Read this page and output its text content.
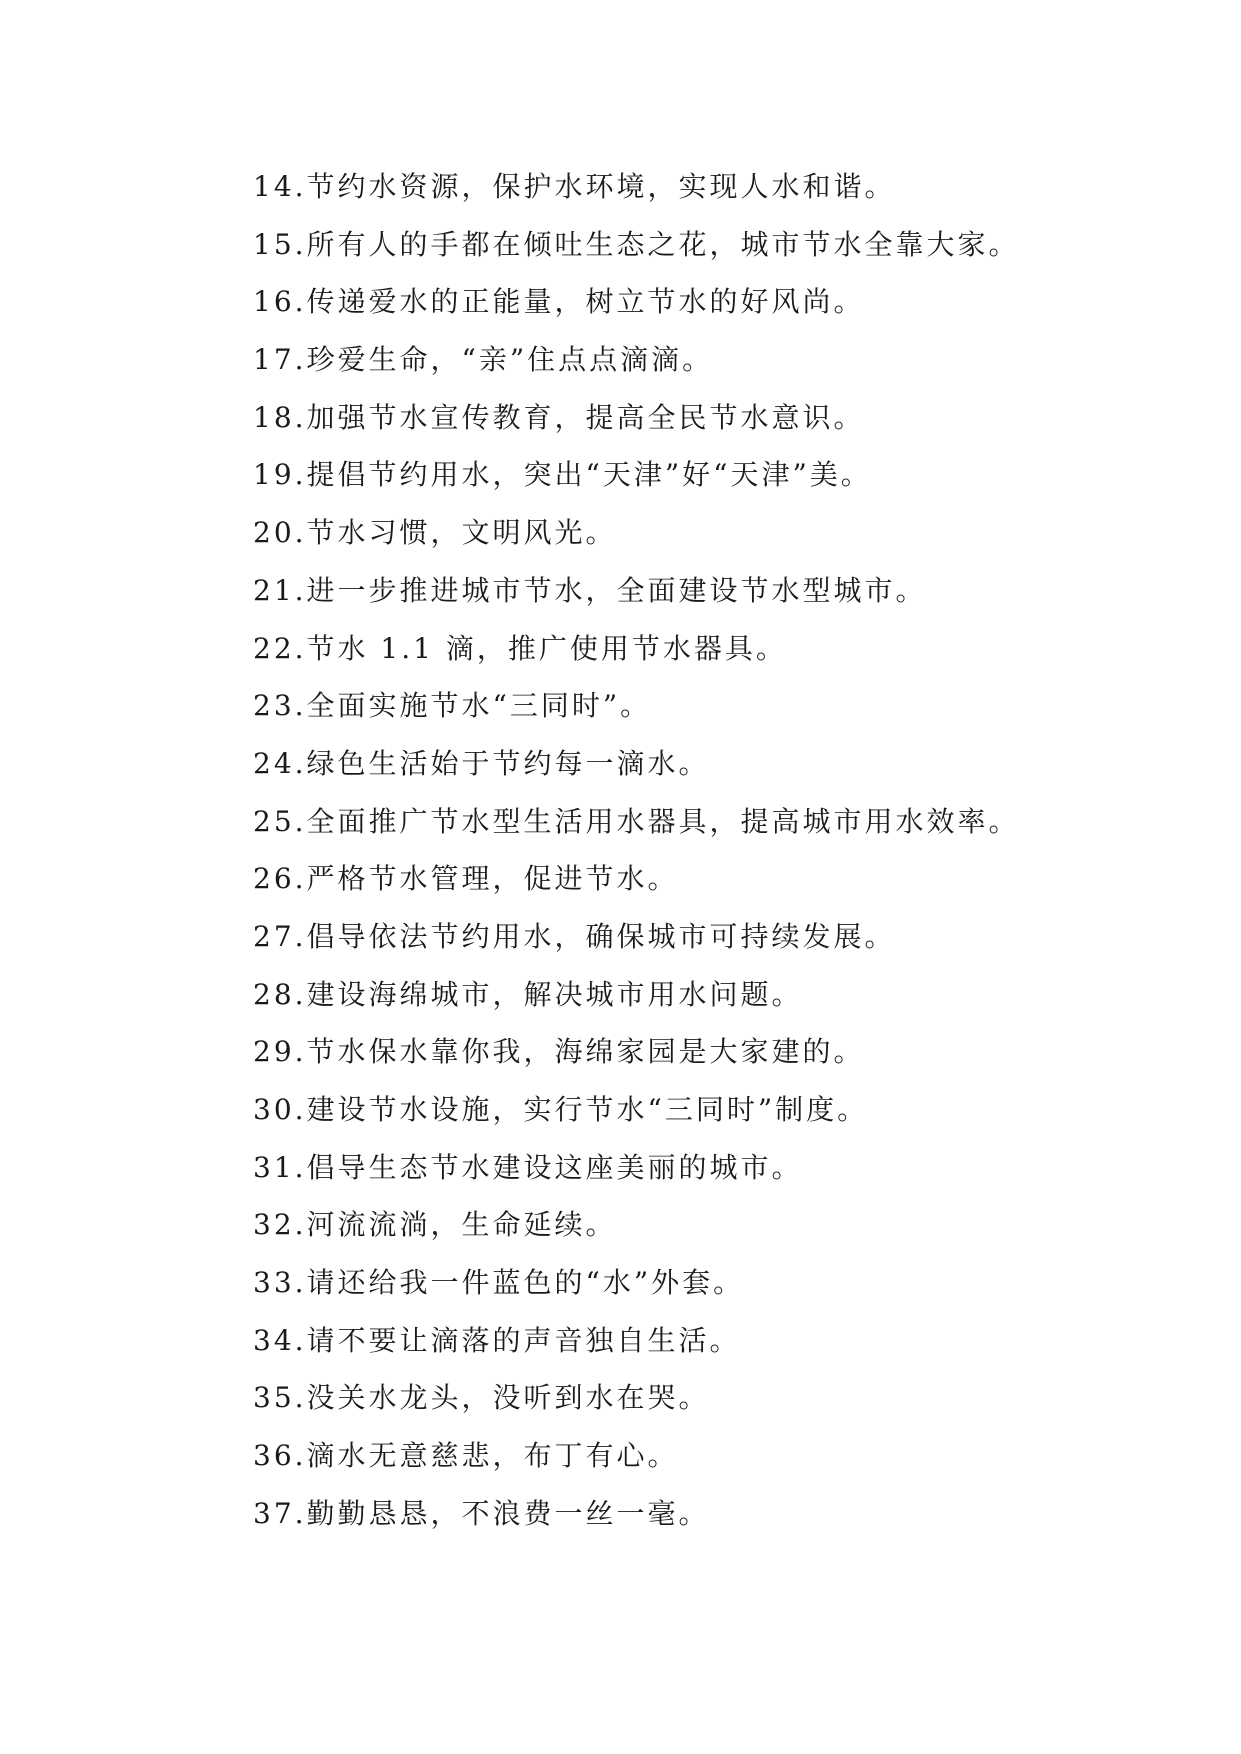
14.节约水资源，保护水环境，实现人水和谐。
15.所有人的手都在倾吐生态之花，城市节水全靠大家。
16.传递爱水的正能量，树立节水的好风尚。
17.珍爱生命，“亲”住点点滴滴。
18.加强节水宣传教育，提高全民节水意识。
19.提倡节约用水，突出“天津”好“天津”美。
20.节水习惯，文明风光。
21.进一步推进城市节水，全面建设节水型城市。
22.节水 1.1 滴，推广使用节水器具。
23.全面实施节水“三同时”。
24.绿色生活始于节约每一滴水。
25.全面推广节水型生活用水器具，提高城市用水效率。
26.严格节水管理，促进节水。
27.倡导依法节约用水，确保城市可持续发展。
28.建设海绵城市，解决城市用水问题。
29.节水保水靠你我，海绵家园是大家建的。
30.建设节水设施，实行节水“三同时”制度。
31.倡导生态节水建设这座美丽的城市。
32.河流流淌，生命延续。
33.请还给我一件蓝色的“水”外套。
34.请不要让滴落的声音独自生活。
35.没关水龙头，没听到水在哭。
36.滴水无意慈悲，布丁有心。
37.勤勤恳恳，不浪费一丝一毫。
